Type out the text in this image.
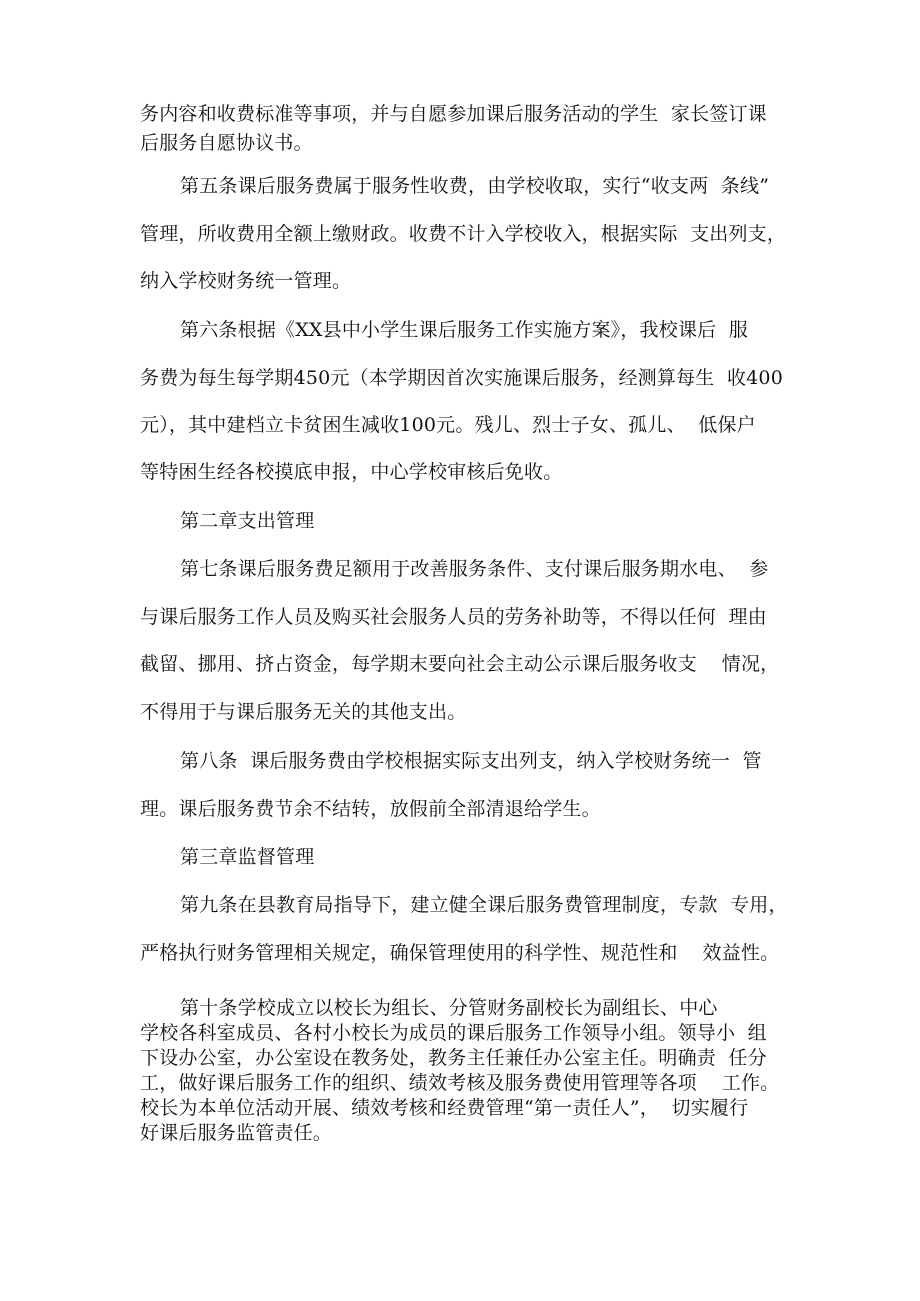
务内容和收费标准等事项，并与自愿参加课后服务活动的学生  家长签订课
后服务自愿协议书。
第五条课后服务费属于服务性收费，由学校收取，实行“收支两  条线”
管理，所收费用全额上缴财政。收费不计入学校收入，根据实际  支出列支，
纳入学校财务统一管理。
第六条根据《XX县中小学生课后服务工作实施方案》，我校课后  服
务费为每生每学期450元（本学期因首次实施课后服务，经测算每生  收400
元），其中建档立卡贫困生减收100元。残儿、烈士子女、孤儿、  低保户
等特困生经各校摸底申报，中心学校审核后免收。
第二章支出管理
第七条课后服务费足额用于改善服务条件、支付课后服务期水电、  参
与课后服务工作人员及购买社会服务人员的劳务补助等，不得以任何  理由
截留、挪用、挤占资金，每学期末要向社会主动公示课后服务收支    情况，
不得用于与课后服务无关的其他支出。
第八条  课后服务费由学校根据实际支出列支，纳入学校财务统一  管
理。课后服务费节余不结转，放假前全部清退给学生。
第三章监督管理
第九条在县教育局指导下，建立健全课后服务费管理制度，专款  专用，
严格执行财务管理相关规定，确保管理使用的科学性、规范性和    效益性。
第十条学校成立以校长为组长、分管财务副校长为副组长、中心
学校各科室成员、各村小校长为成员的课后服务工作领导小组。领导小  组
下设办公室，办公室设在教务处，教务主任兼任办公室主任。明确责  任分
工，做好课后服务工作的组织、绩效考核及服务费使用管理等各项    工作。
校长为本单位活动开展、绩效考核和经费管理“第一责任人”，  切实履行
好课后服务监管责任。
